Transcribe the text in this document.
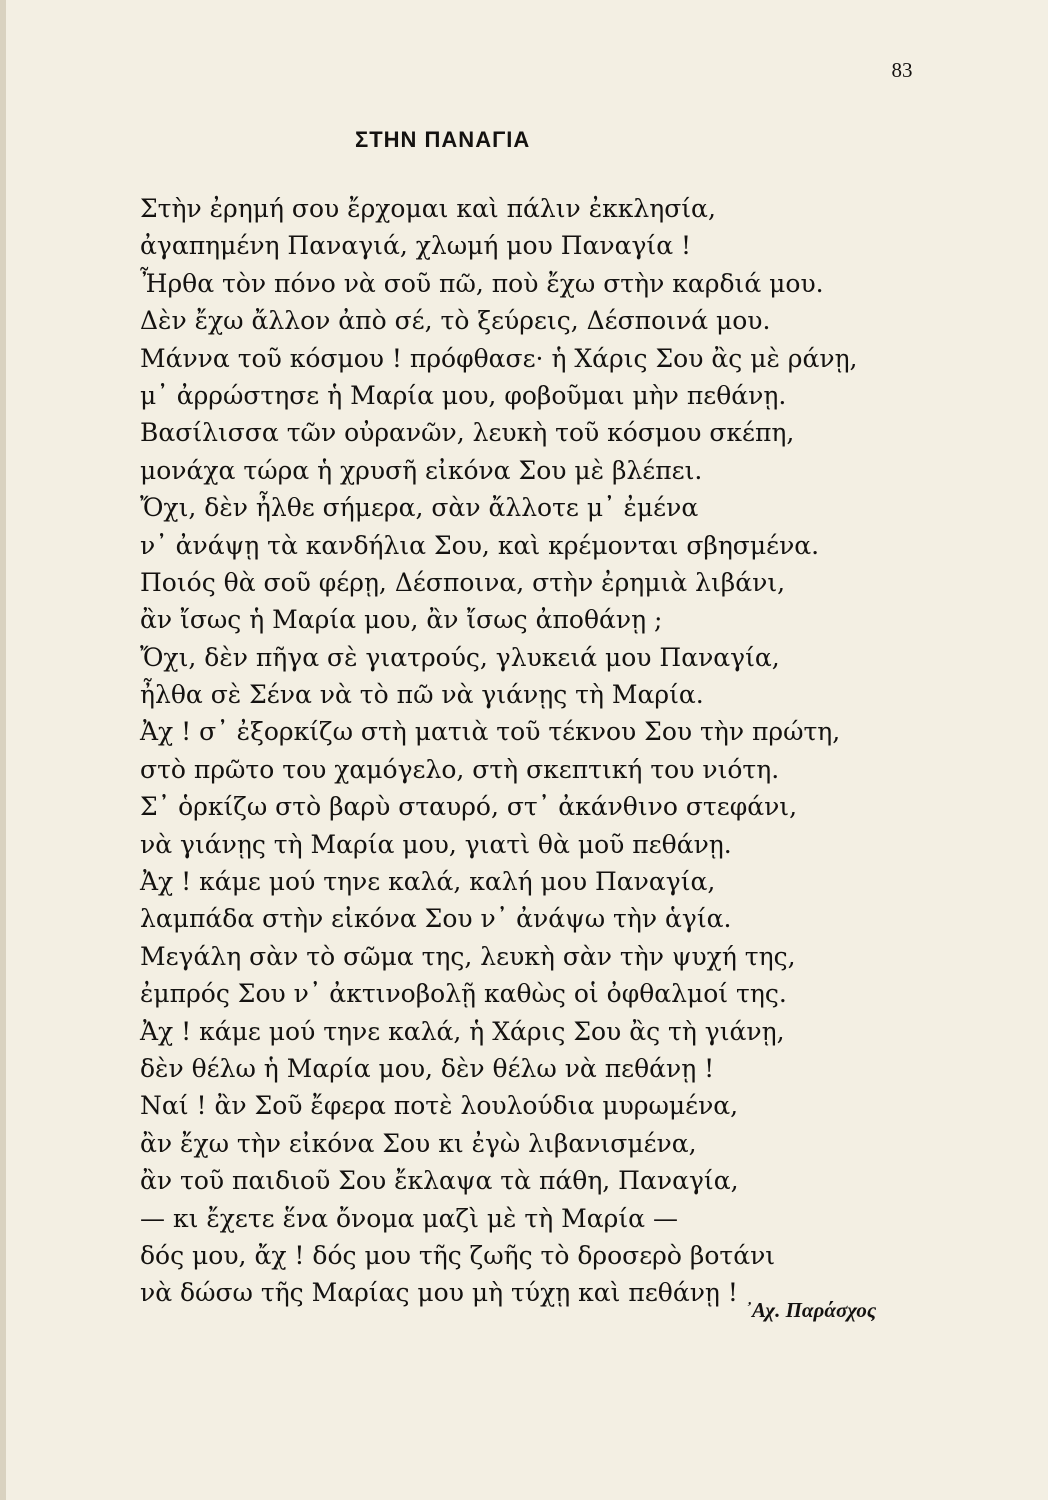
83
ΣΤΗΝ ΠΑΝΑΓΙΑ
Στὴν ἐρημή σου ἔρχομαι καὶ πάλιν ἐκκλησία,
ἀγαπημένη Παναγιά, χλωμή μου Παναγία !
Ἦρθα τὸν πόνο νὰ σοῦ πῶ, ποὺ ἔχω στὴν καρδιά μου.
Δὲν ἔχω ἄλλον ἀπὸ σέ, τὸ ξεύρεις, Δέσποινά μου.
Μάννα τοῦ κόσμου ! πρόφθασε· ἡ Χάρις Σου ἂς μὲ ράνῃ,
μ᾿ ἀρρώστησε ἡ Μαρία μου, φοβοῦμαι μὴν πεθάνῃ.
Βασίλισσα τῶν οὐρανῶν, λευκὴ τοῦ κόσμου σκέπη,
μονάχα τώρα ἡ χρυσῆ εἰκόνα Σου μὲ βλέπει.
Ὄχι, δὲν ἦλθε σήμερα, σὰν ἄλλοτε μ᾿ ἐμένα
ν᾿ ἀνάψῃ τὰ κανδήλια Σου, καὶ κρέμονται σβησμένα.
Ποιός θὰ σοῦ φέρῃ, Δέσποινα, στὴν ἐρημιὰ λιβάνι,
ἂν ἴσως ἡ Μαρία μου, ἂν ἴσως ἀποθάνῃ ;
Ὄχι, δὲν πῆγα σὲ γιατρούς, γλυκειά μου Παναγία,
ἦλθα σὲ Σένα νὰ τὸ πῶ νὰ γιάνῃς τὴ Μαρία.
Ἀχ ! σ᾿ ἐξορκίζω στὴ ματιὰ τοῦ τέκνου Σου τὴν πρώτη,
στὸ πρῶτο του χαμόγελο, στὴ σκεπτική του νιότη.
Σ᾿ ὁρκίζω στὸ βαρὺ σταυρό, στ᾿ ἀκάνθινο στεφάνι,
νὰ γιάνῃς τὴ Μαρία μου, γιατὶ θὰ μοῦ πεθάνῃ.
Ἀχ ! κάμε μού τηνε καλά, καλή μου Παναγία,
λαμπάδα στὴν εἰκόνα Σου ν᾿ ἀνάψω τὴν ἁγία.
Μεγάλη σὰν τὸ σῶμα της, λευκὴ σὰν τὴν ψυχή της,
ἐμπρός Σου ν᾿ ἀκτινοβολῇ καθὼς οἱ ὀφθαλμοί της.
Ἀχ ! κάμε μού τηνε καλά, ἡ Χάρις Σου ἂς τὴ γιάνῃ,
δὲν θέλω ἡ Μαρία μου, δὲν θέλω νὰ πεθάνῃ !
Ναί ! ἂν Σοῦ ἔφερα ποτὲ λουλούδια μυρωμένα,
ἂν ἔχω τὴν εἰκόνα Σου κι ἐγὼ λιβανισμένα,
ἂν τοῦ παιδιοῦ Σου ἔκλαψα τὰ πάθη, Παναγία,
— κι ἔχετε ἕνα ὄνομα μαζὶ μὲ τὴ Μαρία —
δός μου, ἄχ ! δός μου τῆς ζωῆς τὸ δροσερὸ βοτάνι
νὰ δώσω τῆς Μαρίας μου μὴ τύχῃ καὶ πεθάνῃ !
᾿Αχ. Παράσχος
